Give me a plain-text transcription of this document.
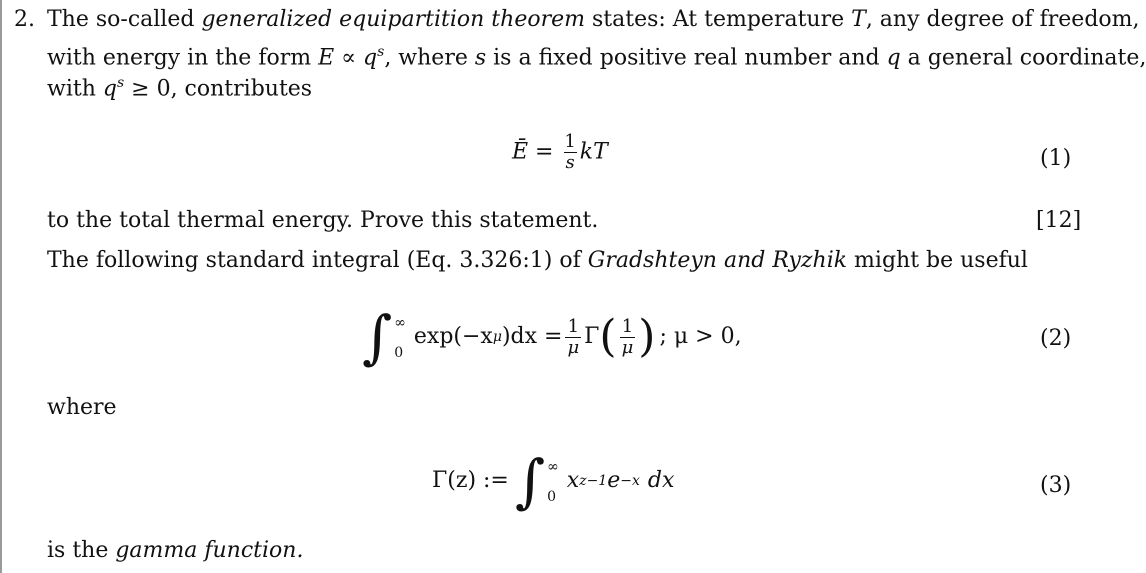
2. The so-called generalized equipartition theorem states: At temperature T, any degree of freedom,
with energy in the form $E \propto q^s$, where s is a fixed positive real number and q a general coordinate,
with $q^s \ge 0$, contributes
Ē = $\frac{1}{s}$ kT	(1)
to the total thermal energy. Prove this statement.	[12]
The following standard integral (Eq. 3.326:1) of Gradshteyn and Ryzhik might be useful
∫ ∞
0
exp(−x μ )$dx = \frac{1}{\mu}$ Γ ( $\frac{1}{\mu}$ ) ; μ > 0,	(2)
where
Γ(z) := ∫ ∞
0
x z−1 e −x dx	(3)
is the gamma function.
